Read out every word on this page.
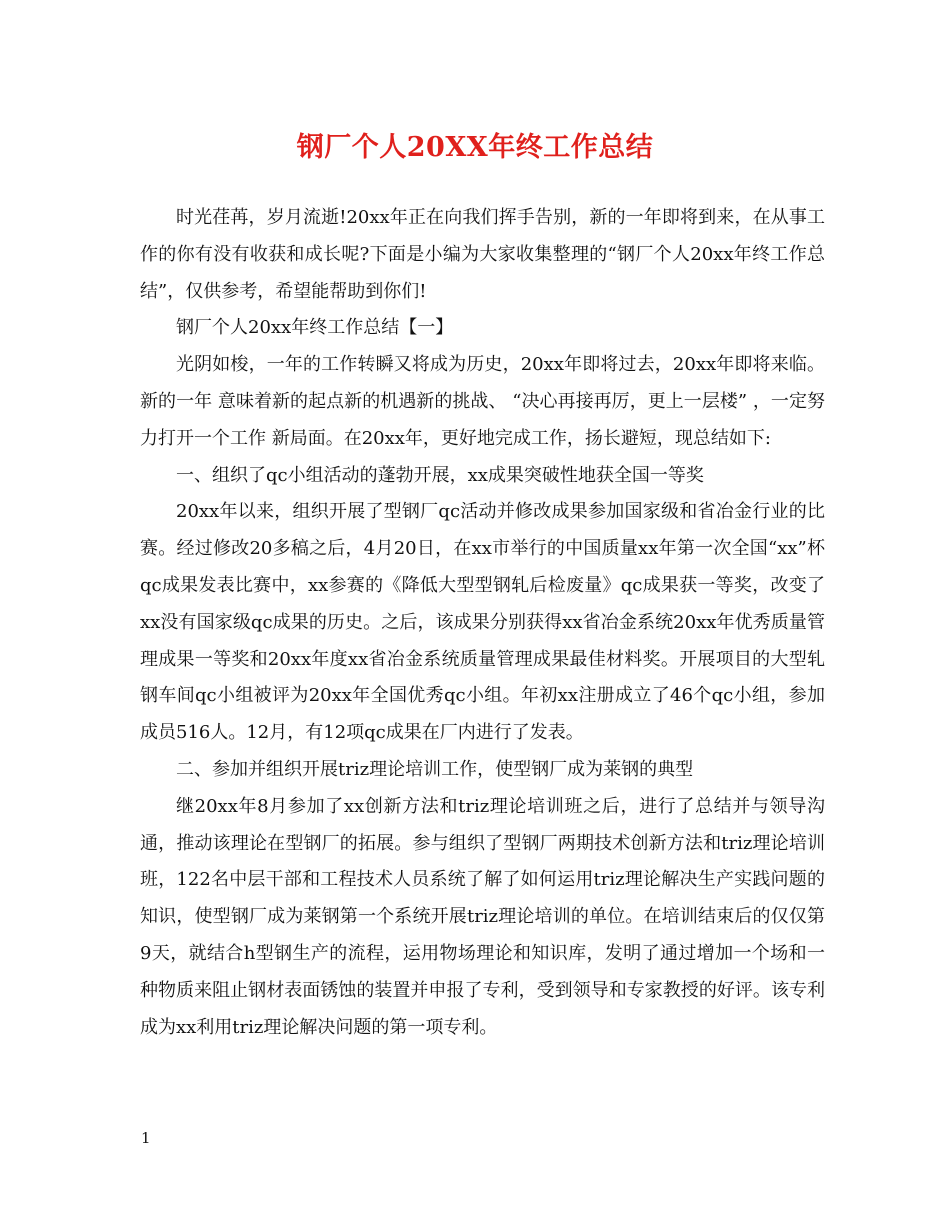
钢厂个人20XX年终工作总结

时光荏苒，岁月流逝!20xx年正在向我们挥手告别，新的一年即将到来，在从事工作的你有没有收获和成长呢?下面是小编为大家收集整理的“钢厂个人20xx年终工作总结”，仅供参考，希望能帮助到你们!

钢厂个人20xx年终工作总结【一】

光阴如梭，一年的工作转瞬又将成为历史，20xx年即将过去，20xx年即将来临。新的一年 意味着新的起点新的机遇新的挑战、 “决心再接再厉，更上一层楼” ，一定努力打开一个工作 新局面。在20xx年，更好地完成工作，扬长避短，现总结如下:

一、组织了qc小组活动的蓬勃开展，xx成果突破性地获全国一等奖

20xx年以来，组织开展了型钢厂qc活动并修改成果参加国家级和省冶金行业的比赛。经过修改20多稿之后，4月20日，在xx市举行的中国质量xx年第一次全国“xx”杯qc成果发表比赛中，xx参赛的《降低大型型钢轧后检废量》qc成果获一等奖，改变了xx没有国家级qc成果的历史。之后，该成果分别获得xx省冶金系统20xx年优秀质量管理成果一等奖和20xx年度xx省冶金系统质量管理成果最佳材料奖。开展项目的大型轧钢车间qc小组被评为20xx年全国优秀qc小组。年初xx注册成立了46个qc小组，参加成员516人。12月，有12项qc成果在厂内进行了发表。

二、参加并组织开展triz理论培训工作，使型钢厂成为莱钢的典型

继20xx年8月参加了xx创新方法和triz理论培训班之后，进行了总结并与领导沟通，推动该理论在型钢厂的拓展。参与组织了型钢厂两期技术创新方法和triz理论培训班，122名中层干部和工程技术人员系统了解了如何运用triz理论解决生产实践问题的知识，使型钢厂成为莱钢第一个系统开展triz理论培训的单位。在培训结束后的仅仅第9天，就结合h型钢生产的流程，运用物场理论和知识库，发明了通过增加一个场和一种物质来阻止钢材表面锈蚀的装置并申报了专利，受到领导和专家教授的好评。该专利成为xx利用triz理论解决问题的第一项专利。

1
